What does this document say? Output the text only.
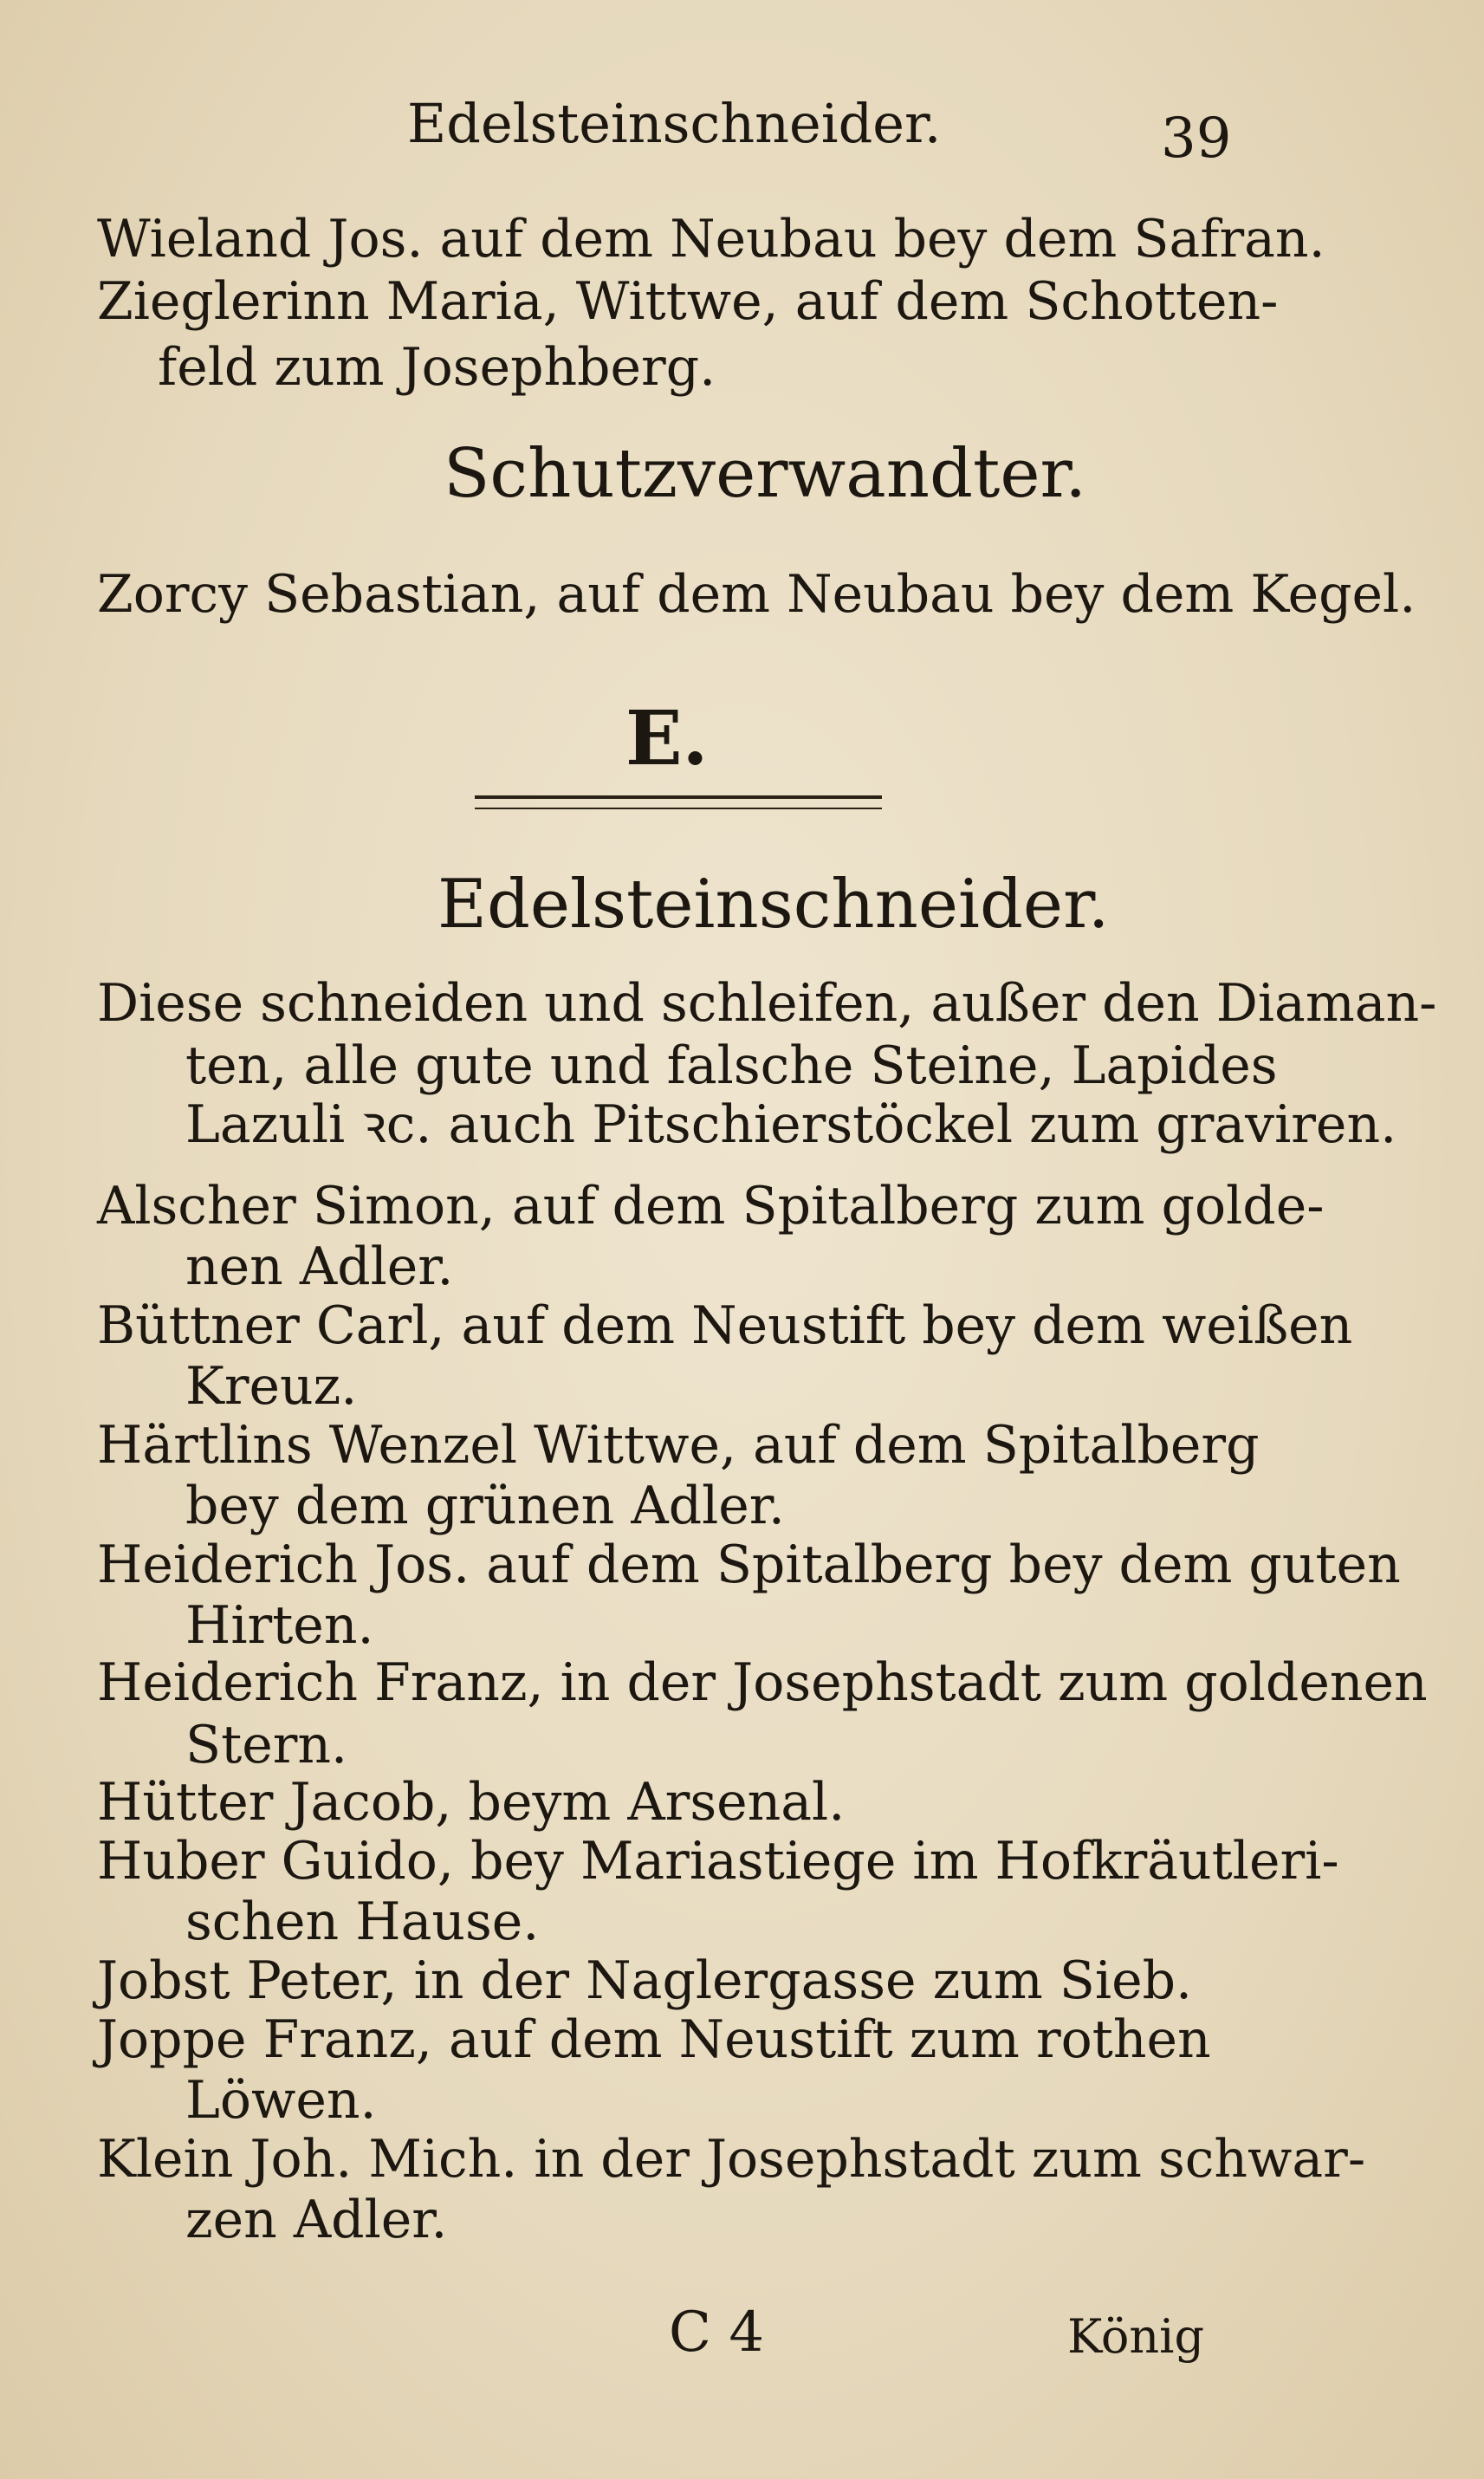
Edelsteinschneider.	39
Wieland Jos. auf dem Neubau bey dem Safran.
Zieglerinn Maria, Wittwe, auf dem Schotten-
feld zum Josephberg.
Schutzverwandter.
Zorcy Sebastian, auf dem Neubau bey dem Kegel.
E.
Edelsteinschneider.
Diese schneiden und schleifen, außer den Diaman-
ten, alle gute und falsche Steine, Lapides
Lazuli ꝛc. auch Pitschierstöckel zum graviren.
Alscher Simon, auf dem Spitalberg zum golde-
nen Adler.
Büttner Carl, auf dem Neustift bey dem weißen
Kreuz.
Härtlins Wenzel Wittwe, auf dem Spitalberg
bey dem grünen Adler.
Heiderich Jos. auf dem Spitalberg bey dem guten
Hirten.
Heiderich Franz, in der Josephstadt zum goldenen
Stern.
Hütter Jacob, beym Arsenal.
Huber Guido, bey Mariastiege im Hofkräutleri-
schen Hause.
Jobst Peter, in der Naglergasse zum Sieb.
Joppe Franz, auf dem Neustift zum rothen
Löwen.
Klein Joh. Mich. in der Josephstadt zum schwar-
zen Adler.
C 4	König
